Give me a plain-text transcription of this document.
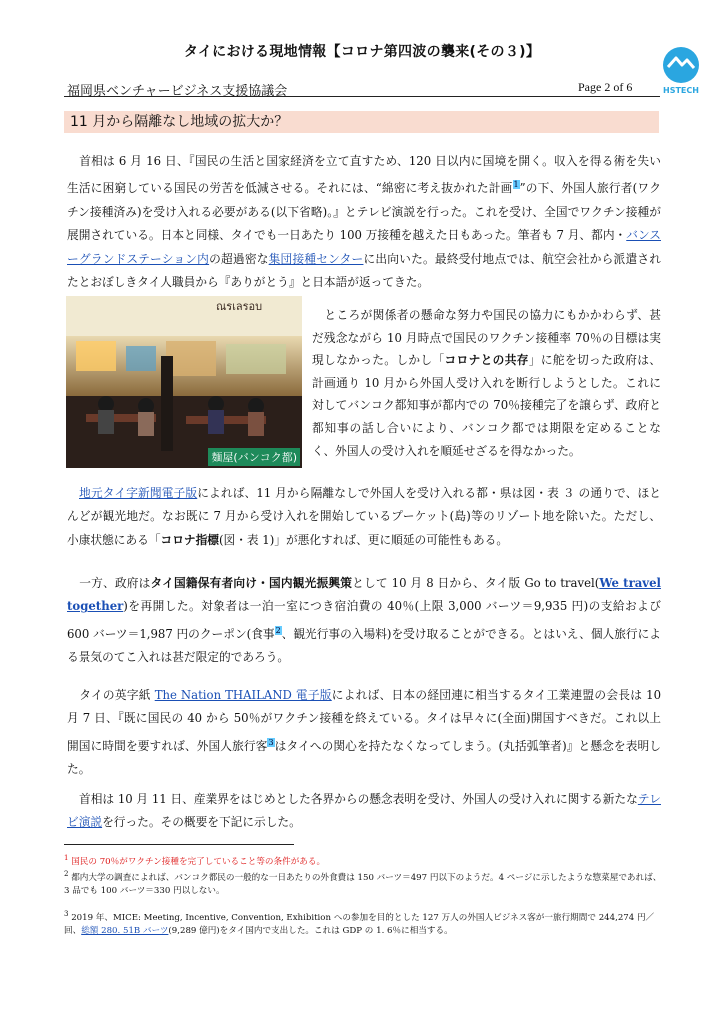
タイにおける現地情報【コロナ第四波の襲来(その３)】
HSTECH
福岡県ベンチャービジネス支援協議会	Page 2 of 6
11 月から隔離なし地域の拡大か？
首相は 6 月 16 日、『国民の生活と国家経済を立て直すため、120 日以内に国境を開く。収入を得る術を失い生活に困窮している国民の労苦を低減させる。それには、“綿密に考え抜かれた計画$^1$”の下、外国人旅行者(ワクチン接種済み)を受け入れる必要がある(以下省略)。』とテレビ演説を行った。これを受け、全国でワクチン接種が展開されている。日本と同様、タイでも一日あたり 100 万接種を越えた日もあった。筆者も 7 月、都内・バンスーグランドステーション内の超過密な集団接種センターに出向いた。最終受付地点では、航空会社から派遣されたとおぼしきタイ人職員から『ありがとう』と日本語が返ってきた。
ณรเลรอบ
麺屋(バンコク都)
ところが関係者の懸命な努力や国民の協力にもかかわらず、甚だ残念ながら 10 月時点で国民のワクチン接種率 70％の目標は実現しなかった。しかし「コロナとの共存」に舵を切った政府は、計画通り 10 月から外国人受け入れを断行しようとした。これに対してバンコク都知事が都内での 70％接種完了を譲らず、政府と都知事の話し合いにより、バンコク都では期限を定めることなく、外国人の受け入れを順延せざるを得なかった。
地元タイ字新聞電子版によれば、11 月から隔離なしで外国人を受け入れる都・県は図・表 ３ の通りで、ほとんどが観光地だ。なお既に 7 月から受け入れを開始しているプーケット(島)等のリゾート地を除いた。ただし、小康状態にある「コロナ指標(図・表 1)」が悪化すれば、更に順延の可能性もある。
一方、政府はタイ国籍保有者向け・国内観光振興策として 10 月 8 日から、タイ版 Go to travel(We travel together)を再開した。対象者は一泊一室につき宿泊費の 40％(上限 3,000 バーツ＝9,935 円)の支給および 600 バーツ＝1,987 円のクーポン(食事$^2$、観光行事の入場料)を受け取ることができる。とはいえ、個人旅行による景気のてこ入れは甚だ限定的であろう。
タイの英字紙 The Nation THAILAND 電子版によれば、日本の経団連に相当するタイ工業連盟の会長は 10 月 7 日、『既に国民の 40 から 50％がワクチン接種を終えている。タイは早々に(全面)開国すべきだ。これ以上開国に時間を要すれば、外国人旅行客$^3$はタイへの関心を持たなくなってしまう。(丸括弧筆者)』と懸念を表明した。
首相は 10 月 11 日、産業界をはじめとした各界からの懸念表明を受け、外国人の受け入れに関する新たなテレビ演説を行った。その概要を下記に示した。
$^1$ 国民の 70％がワクチン接種を完了していること等の条件がある。
$^2$ 都内大学の調査によれば、バンコク都民の一般的な一日あたりの外食費は 150 バーツ＝497 円以下のようだ。4 ページに示したような惣菜屋であれば、3 品でも 100 バーツ＝330 円以しない。
$^3$ 2019 年、MICE: Meeting, Incentive, Convention, Exhibition への参加を目的とした 127 万人の外国人ビジネス客が一旅行期間で 244,274 円／回、総額 280. 51B バーツ(9,289 億円)をタイ国内で支出した。これは GDP の 1. 6％に相当する。
